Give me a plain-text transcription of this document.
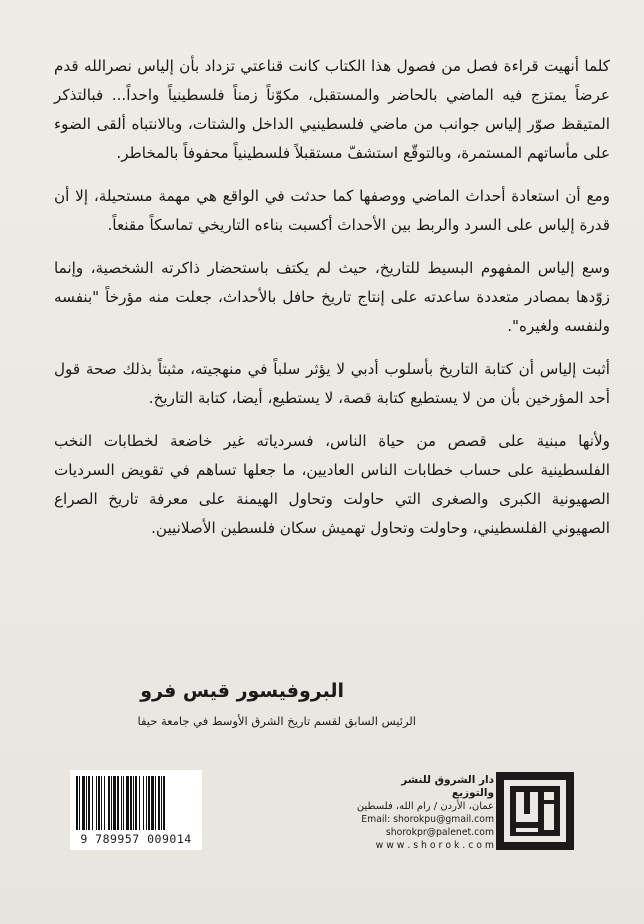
كلما أنهيت قراءة فصل من فصول هذا الكتاب كانت قناعتي تزداد بأن إلياس نصرالله قدم عرضاً يمتزج فيه الماضي بالحاضر والمستقبل، مكوّناً زمناً فلسطينياً واحداً... فبالتذكر المتيقظ صوّر إلياس جوانب من ماضي فلسطينيي الداخل والشتات، وبالانتباه ألقى الضوء على مأساتهم المستمرة، وبالتوقّع استشفّ مستقبلاً فلسطينياً محفوفاً بالمخاطر.

ومع أن استعادة أحداث الماضي ووصفها كما حدثت في الواقع هي مهمة مستحيلة، إلا أن قدرة إلياس على السرد والربط بين الأحداث أكسبت بناءه التاريخي تماسكاً مقنعاً.

وسع إلياس المفهوم البسيط للتاريخ، حيث لم يكتف باستحضار ذاكرته الشخصية، وإنما زوّدها بمصادر متعددة ساعدته على إنتاج تاريخ حافل بالأحداث، جعلت منه مؤرخاً "بنفسه ولنفسه ولغيره".

أثبت إلياس أن كتابة التاريخ بأسلوب أدبي لا يؤثر سلباً في منهجيته، مثبتاً بذلك صحة قول أحد المؤرخين بأن من لا يستطيع كتابة قصة، لا يستطيع، أيضا، كتابة التاريخ.

ولأنها مبنية على قصص من حياة الناس، فسردياته غير خاضعة لخطابات النخب الفلسطينية على حساب خطابات الناس العاديين، ما جعلها تساهم في تقويض السرديات الصهيونية الكبرى والصغرى التي حاولت وتحاول الهيمنة على معرفة تاريخ الصراع الصهيوني الفلسطيني، وحاولت وتحاول تهميش سكان فلسطين الأصلانيين.

البروفيسور قيس فرو
الرئيس السابق لقسم تاريخ الشرق الأوسط في جامعة حيفا
9 789957 009014
دار الشروق للنشر والتوزيع
عمان، الأردن / رام الله، فلسطين
Email: shorokpu@gmail.com
shorokpr@palenet.com
w w w . s h o r o k . c o m
